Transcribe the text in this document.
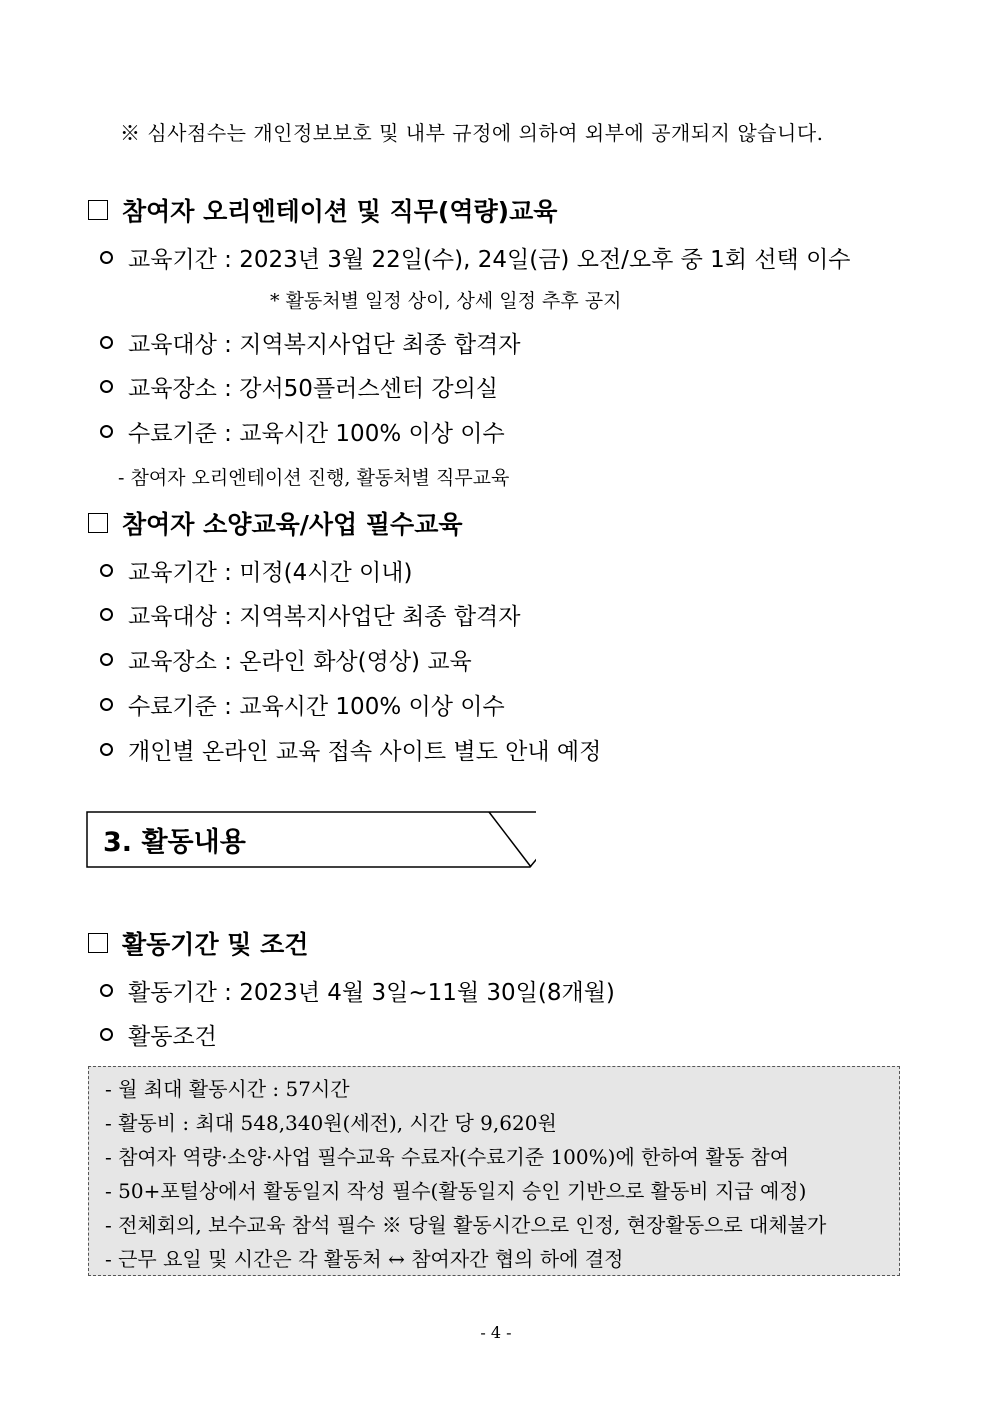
※ 심사점수는 개인정보보호 및 내부 규정에 의하여 외부에 공개되지 않습니다.
참여자 오리엔테이션 및 직무(역량)교육
교육기간 : 2023년 3월 22일(수), 24일(금) 오전/오후 중 1회 선택 이수
* 활동처별 일정 상이, 상세 일정 추후 공지
교육대상 : 지역복지사업단 최종 합격자
교육장소 : 강서50플러스센터 강의실
수료기준 : 교육시간 100% 이상 이수
- 참여자 오리엔테이션 진행, 활동처별 직무교육
참여자 소양교육/사업 필수교육
교육기간 : 미정(4시간 이내)
교육대상 : 지역복지사업단 최종 합격자
교육장소 : 온라인 화상(영상) 교육
수료기준 : 교육시간 100% 이상 이수
개인별 온라인 교육 접속 사이트 별도 안내 예정
3. 활동내용
활동기간 및 조건
활동기간 : 2023년 4월 3일~11월 30일(8개월)
활동조건
- 월 최대 활동시간 : 57시간
- 활동비 : 최대 548,340원(세전), 시간 당 9,620원
- 참여자 역량·소양·사업 필수교육 수료자(수료기준 100%)에 한하여 활동 참여
- 50+포털상에서 활동일지 작성 필수(활동일지 승인 기반으로 활동비 지급 예정)
- 전체회의, 보수교육 참석 필수 ※ 당월 활동시간으로 인정, 현장활동으로 대체불가
- 근무 요일 및 시간은 각 활동처 ↔ 참여자간 협의 하에 결정
- 4 -
